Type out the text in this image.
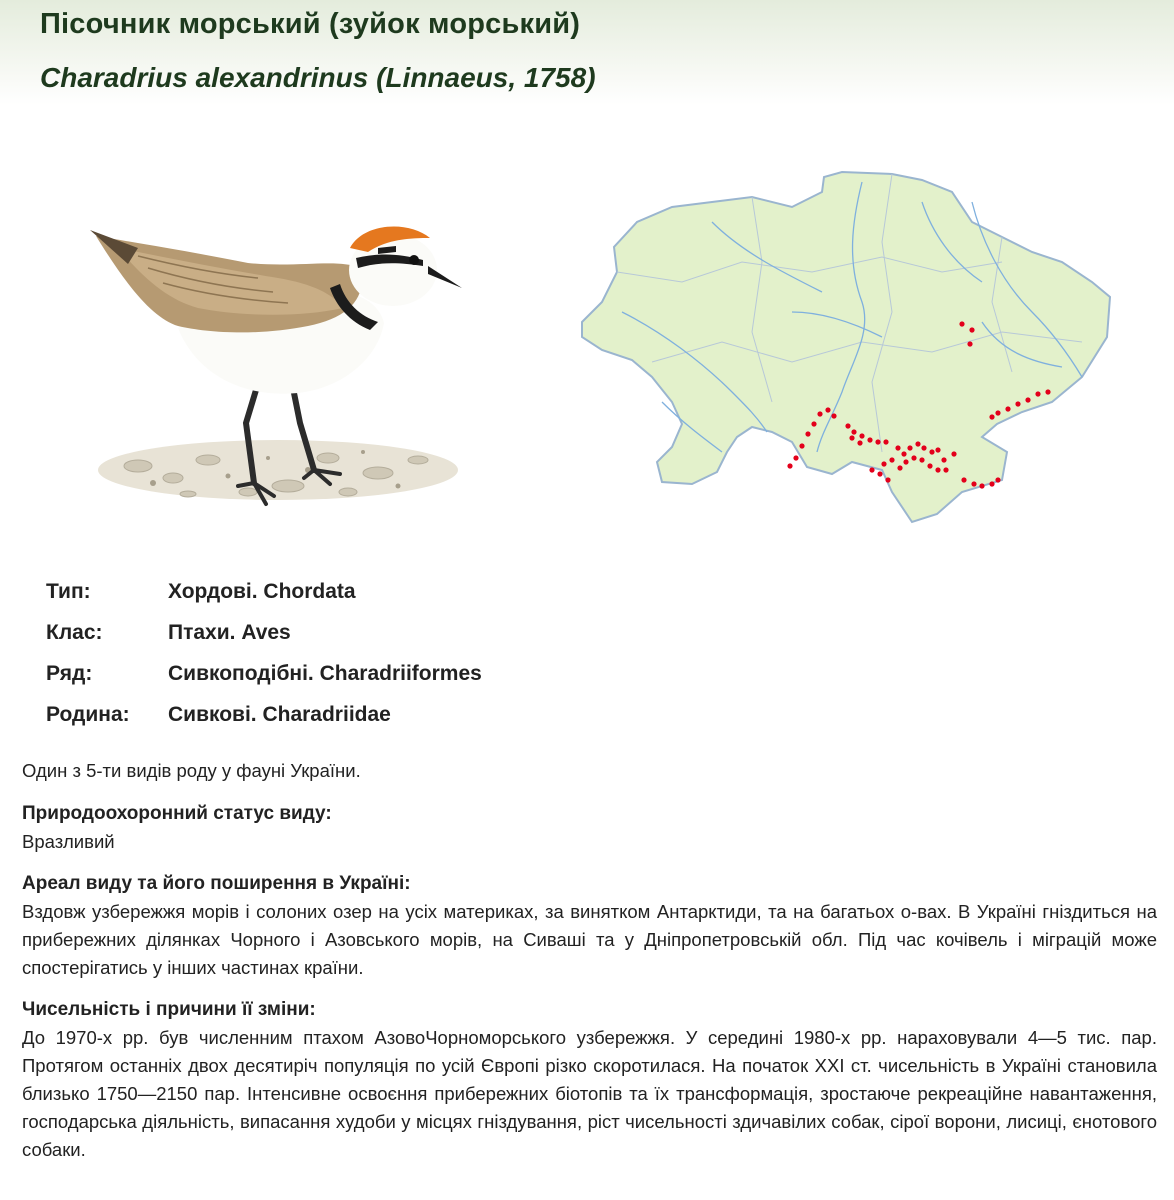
Пісочник морський (зуйок морський)
Charadrius alexandrinus (Linnaeus, 1758)
Тип:	Хордові. Chordata
Клас:	Птахи. Aves
Ряд:	Сивкоподібні. Charadriiformes
Родина: Сивкові. Charadriidae
Один з 5-ти видів роду у фауні України.
Природоохоронний статус виду:
Вразливий
Ареал виду та його поширення в Україні:
Вздовж узбережжя морів і солоних озер на усіх материках, за винятком Антарктиди, та на багатьох о-вах. В Україні гніздиться на прибережних ділянках Чорного і Азовського морів, на Сиваші та у Дніпропетровській обл. Під час кочівель і міграцій може спостерігатись у інших частинах країни.
Чисельність і причини її зміни:
До 1970-х рр. був численним птахом АзовоЧорноморського узбережжя. У середині 1980-х рр. нараховували 4—5 тис. пар. Протягом останніх двох десятиріч популяція по усій Європі різко скоротилася. На початок XXI ст. чисельність в Україні становила близько 1750—2150 пар. Інтенсивне освоєння прибережних біотопів та їх трансформація, зростаюче рекреаційне навантаження, господарська діяльність, випасання худоби у місцях гніздування, ріст чисельності здичавілих собак, сірої ворони, лисиці, єнотового собаки.
